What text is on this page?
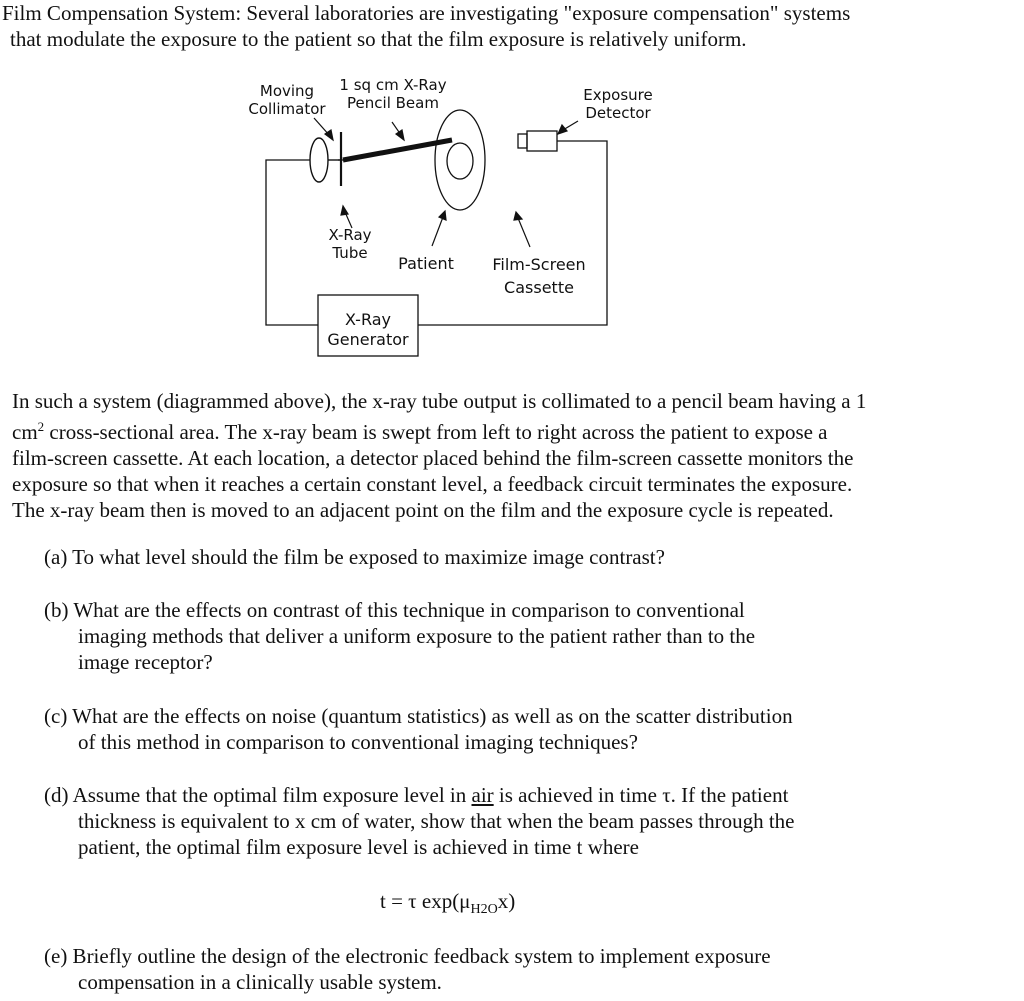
Film Compensation System: Several laboratories are investigating "exposure compensation" systems
that modulate the exposure to the patient so that the film exposure is relatively uniform.
Moving
Collimator
1 sq cm X-Ray
Pencil Beam	Exposure
Detector
X-Ray
Tube
Patient	Film-Screen
Cassette
X-Ray
Generator
In such a system (diagrammed above), the x-ray tube output is collimated to a pencil beam having a 1
$cm^2$ cross-sectional area. The x-ray beam is swept from left to right across the patient to expose a
film-screen cassette. At each location, a detector placed behind the film-screen cassette monitors the
exposure so that when it reaches a certain constant level, a feedback circuit terminates the exposure.
The x-ray beam then is moved to an adjacent point on the film and the exposure cycle is repeated.
(a) To what level should the film be exposed to maximize image contrast?
(b) What are the effects on contrast of this technique in comparison to conventional
imaging methods that deliver a uniform exposure to the patient rather than to the
image receptor?
(c) What are the effects on noise (quantum statistics) as well as on the scatter distribution
of this method in comparison to conventional imaging techniques?
(d) Assume that the optimal film exposure level in air is achieved in time τ. If the patient
thickness is equivalent to x cm of water, show that when the beam passes through the
patient, the optimal film exposure level is achieved in time t where
t = τ $\exp(\mu_{H2O}x)$
(e) Briefly outline the design of the electronic feedback system to implement exposure
compensation in a clinically usable system.
